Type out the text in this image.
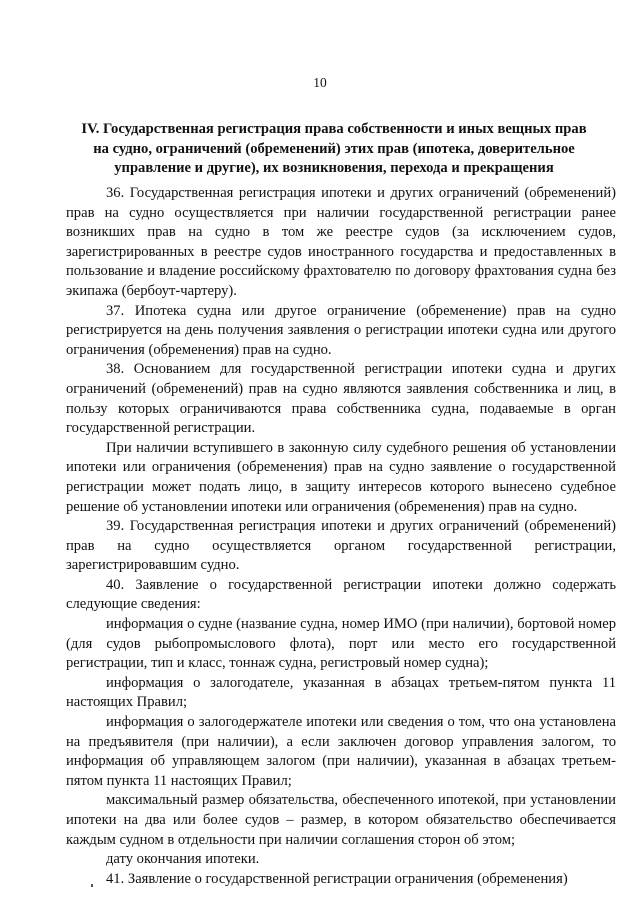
10
IV. Государственная регистрация права собственности и иных вещных прав на судно, ограничений (обременений) этих прав (ипотека, доверительное управление и другие), их возникновения, перехода и прекращения

36. Государственная регистрация ипотеки и других ограничений (обременений) прав на судно осуществляется при наличии государственной регистрации ранее возникших прав на судно в том же реестре судов (за исключением судов, зарегистрированных в реестре судов иностранного государства и предоставленных в пользование и владение российскому фрахтователю по договору фрахтования судна без экипажа (бербоут-чартеру).

37. Ипотека судна или другое ограничение (обременение) прав на судно регистрируется на день получения заявления о регистрации ипотеки судна или другого ограничения (обременения) прав на судно.

38. Основанием для государственной регистрации ипотеки судна и других ограничений (обременений) прав на судно являются заявления собственника и лиц, в пользу которых ограничиваются права собственника судна, подаваемые в орган государственной регистрации.

При наличии вступившего в законную силу судебного решения об установлении ипотеки или ограничения (обременения) прав на судно заявление о государственной регистрации может подать лицо, в защиту интересов которого вынесено судебное решение об установлении ипотеки или ограничения (обременения) прав на судно.

39. Государственная регистрация ипотеки и других ограничений (обременений) прав на судно осуществляется органом государственной регистрации, зарегистрировавшим судно.

40. Заявление о государственной регистрации ипотеки должно содержать следующие сведения:

информация о судне (название судна, номер ИМО (при наличии), бортовой номер (для судов рыбопромыслового флота), порт или место его государственной регистрации, тип и класс, тоннаж судна, регистровый номер судна);

информация о залогодателе, указанная в абзацах третьем-пятом пункта 11 настоящих Правил;

информация о залогодержателе ипотеки или сведения о том, что она установлена на предъявителя (при наличии), а если заключен договор управления залогом, то информация об управляющем залогом (при наличии), указанная в абзацах третьем-пятом пункта 11 настоящих Правил;

максимальный размер обязательства, обеспеченного ипотекой, при установлении ипотеки на два или более судов – размер, в котором обязательство обеспечивается каждым судном в отдельности при наличии соглашения сторон об этом;

дату окончания ипотеки.

41. Заявление о государственной регистрации ограничения (обременения)
